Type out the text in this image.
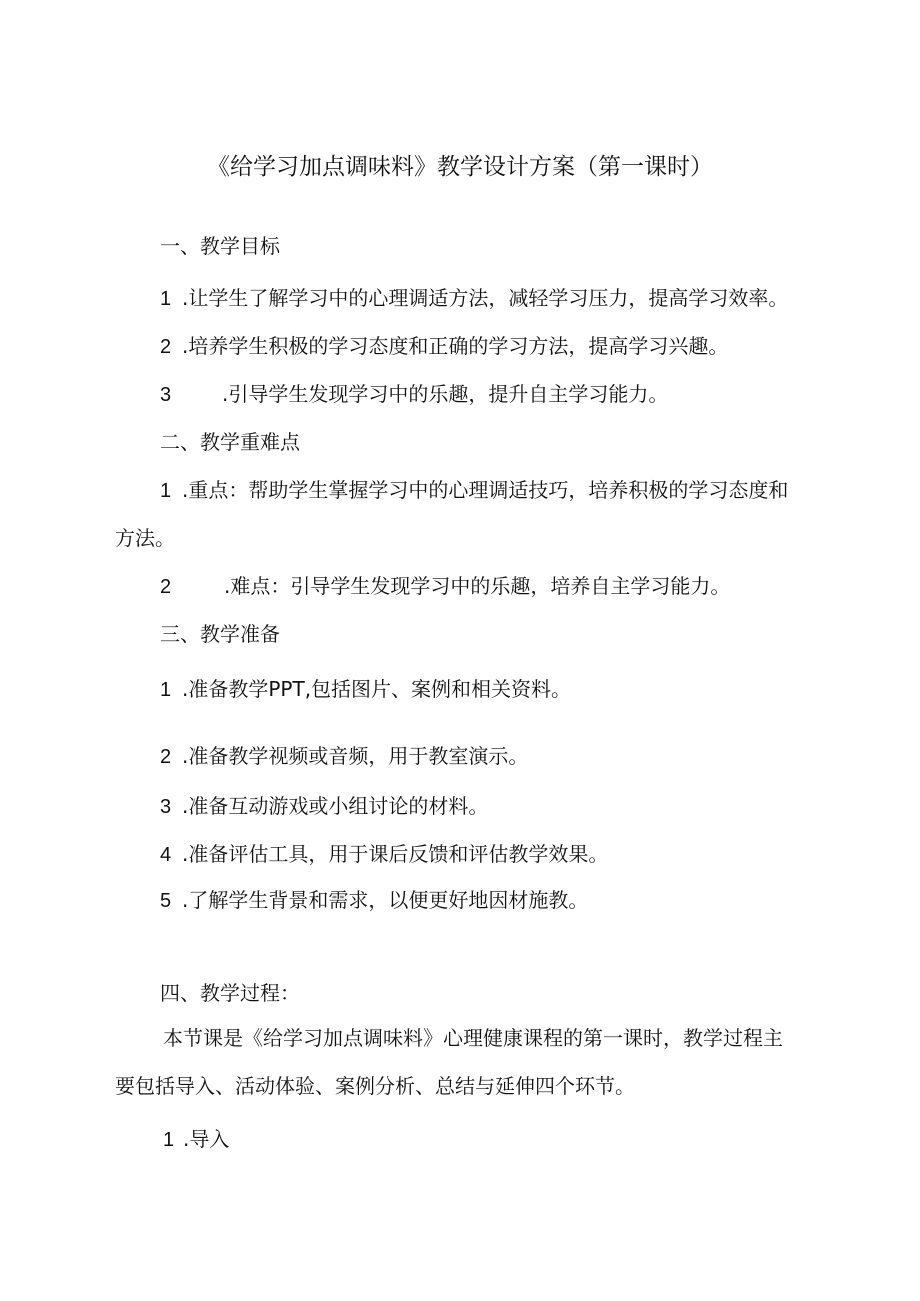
《给学习加点调味料》教学设计方案（第一课时）
一、教学目标
1 .让学生了解学习中的心理调适方法，减轻学习压力，提高学习效率。
2 .培养学生积极的学习态度和正确的学习方法，提高学习兴趣。
3	.引导学生发现学习中的乐趣，提升自主学习能力。
二、教学重难点
1 .重点：帮助学生掌握学习中的心理调适技巧，培养积极的学习态度和
方法。
2	.难点：引导学生发现学习中的乐趣，培养自主学习能力。
三、教学准备
1 .准备教学PPT,包括图片、案例和相关资料。
2 .准备教学视频或音频，用于教室演示。
3 .准备互动游戏或小组讨论的材料。
4 .准备评估工具，用于课后反馈和评估教学效果。
5 .了解学生背景和需求，以便更好地因材施教。
四、教学过程：
本节课是《给学习加点调味料》心理健康课程的第一课时，教学过程主
要包括导入、活动体验、案例分析、总结与延伸四个环节。
1 .导入
